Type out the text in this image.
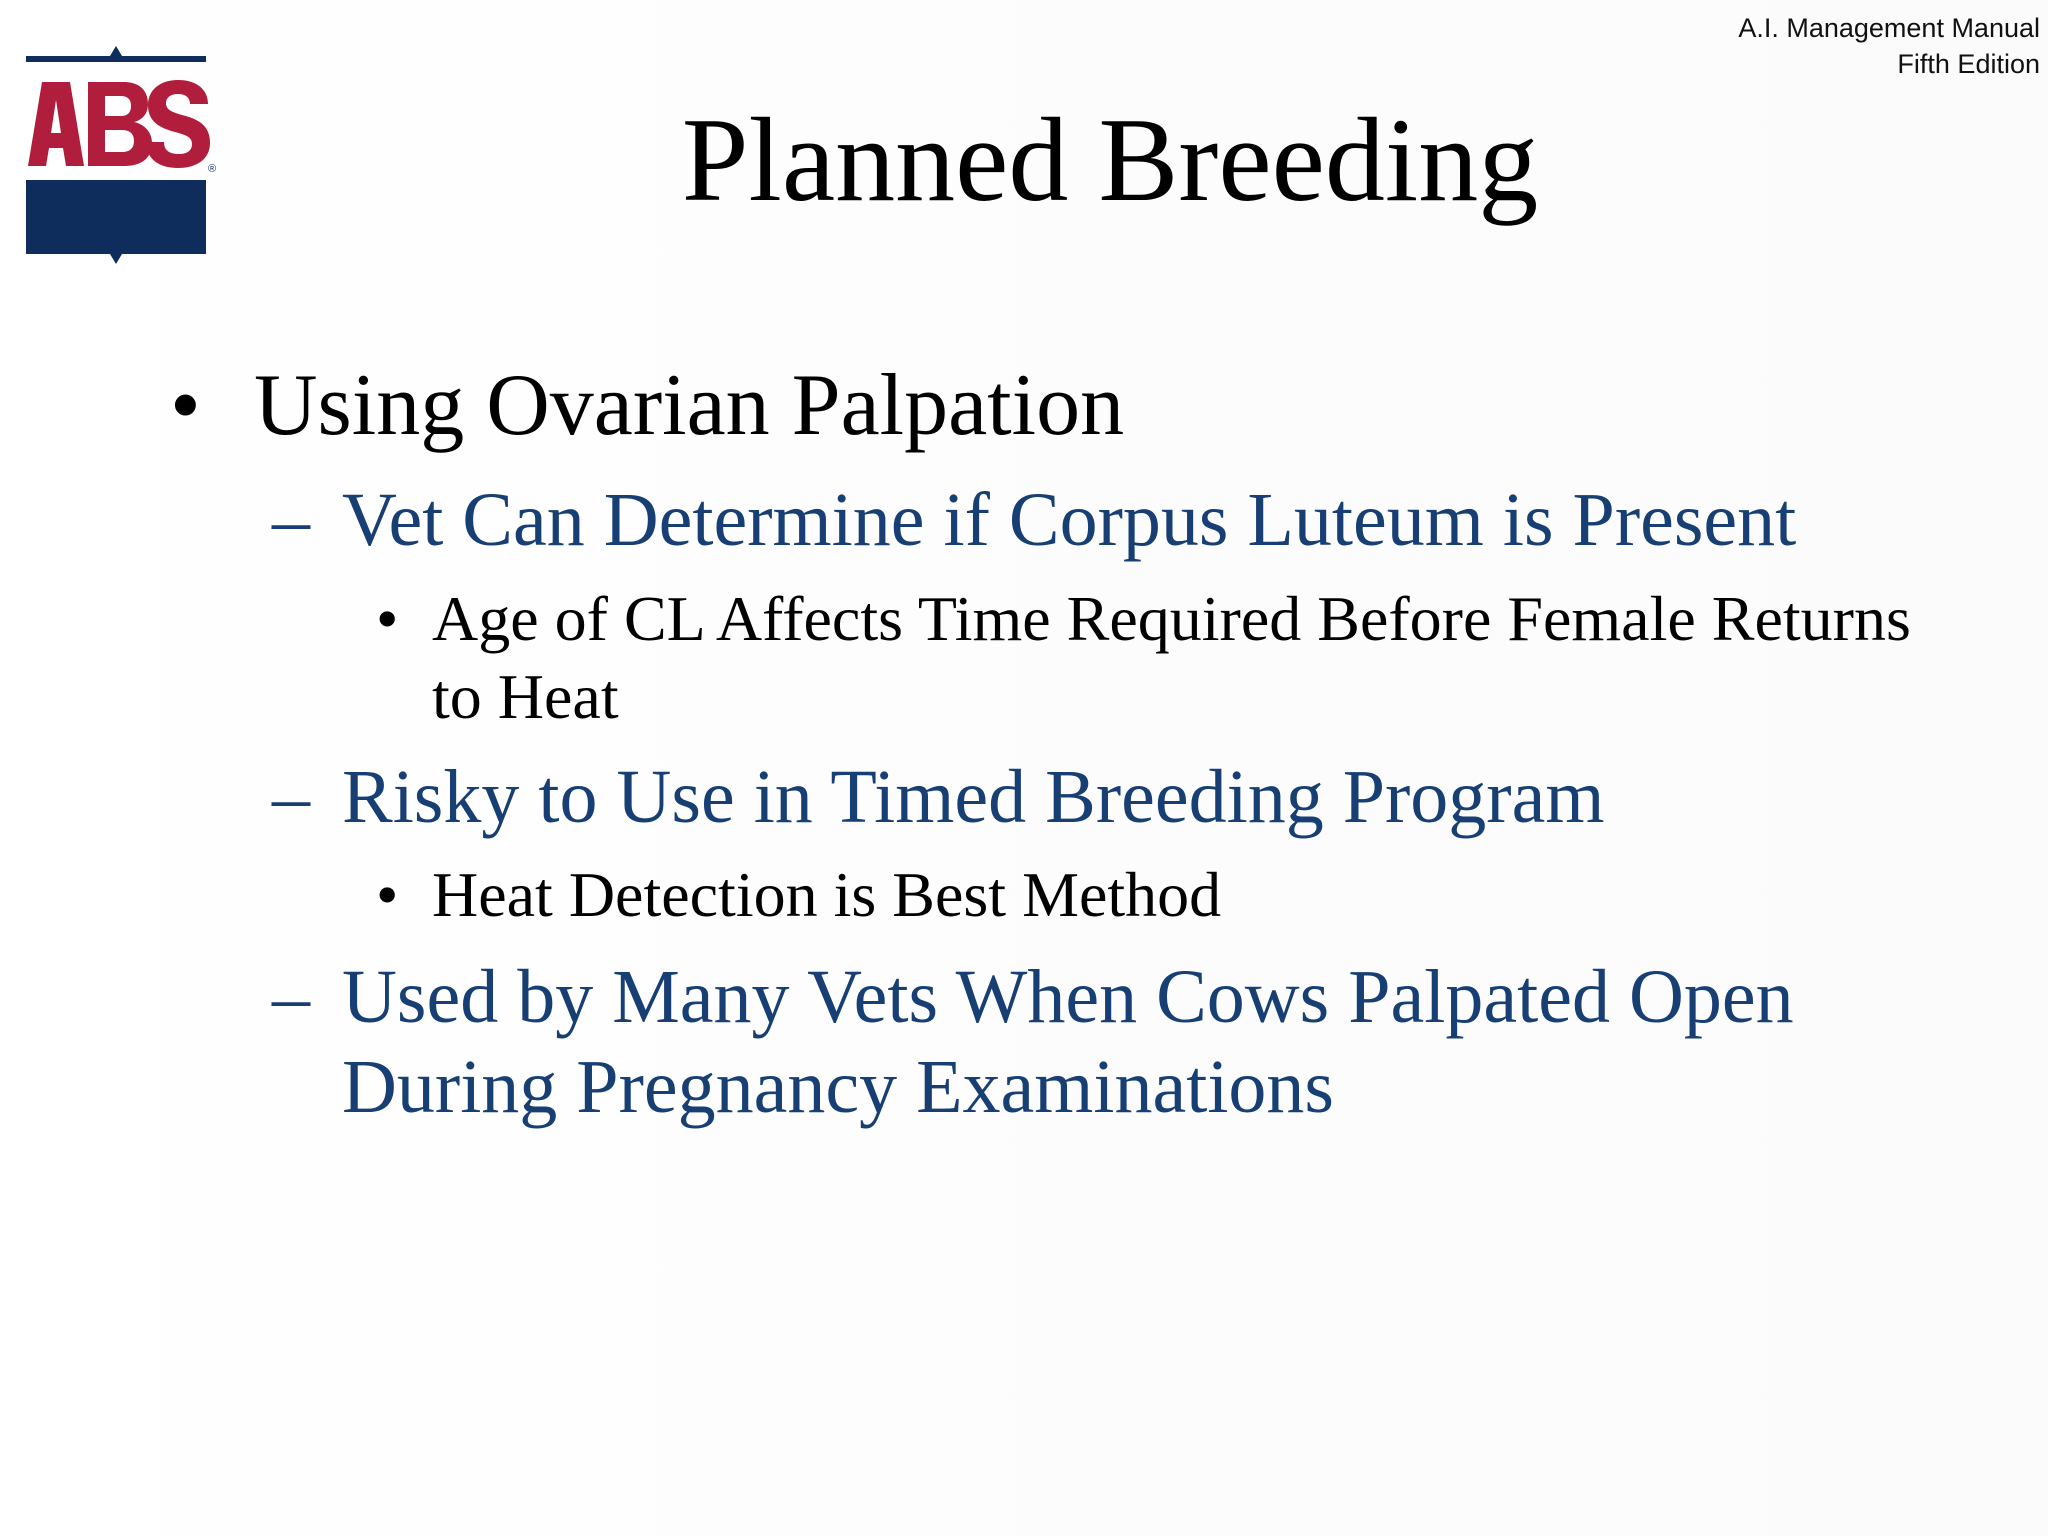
®
A.I. Management Manual
Fifth Edition
Planned Breeding
• Using Ovarian Palpation
– Vet Can Determine if Corpus Luteum is Present
• Age of CL Affects Time Required Before Female Returns
to Heat
– Risky to Use in Timed Breeding Program
• Heat Detection is Best Method
– Used by Many Vets When Cows Palpated Open
During Pregnancy Examinations
